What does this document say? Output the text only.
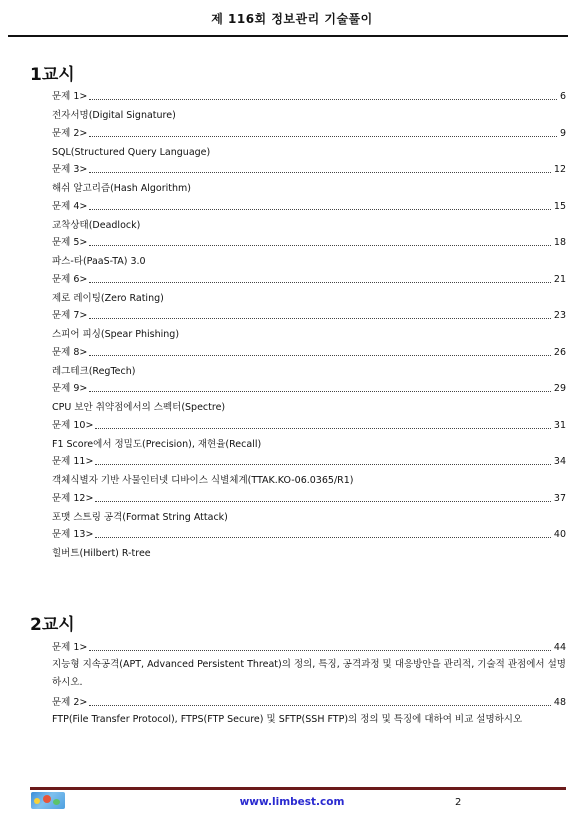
제 116회 정보관리 기술풀이
1교시
문제 1>	6
전자서명(Digital Signature)
문제 2>	9
SQL(Structured Query Language)
문제 3>	12
해쉬 알고리즘(Hash Algorithm)
문제 4>	15
교착상태(Deadlock)
문제 5>	18
파스-타(PaaS-TA) 3.0
문제 6>	21
제로 레이팅(Zero Rating)
문제 7>	23
스피어 피싱(Spear Phishing)
문제 8>	26
레그테크(RegTech)
문제 9>	29
CPU 보안 취약점에서의 스펙터(Spectre)
문제 10>	31
F1 Score에서 정밀도(Precision), 재현율(Recall)
문제 11>	34
객체식별자 기반 사물인터넷 디바이스 식별체계(TTAK.KO-06.0365/R1)
문제 12>	37
포맷 스트링 공격(Format String Attack)
문제 13>	40
힐버트(Hilbert) R-tree
2교시
문제 1>	44
지능형 지속공격(APT, Advanced Persistent Threat)의 정의, 특징, 공격과정 및 대응방안을 관리적, 기술적 관점에서 설명하시오.
문제 2>	48
FTP(File Transfer Protocol), FTPS(FTP Secure) 및 SFTP(SSH FTP)의 정의 및 특징에 대하여 비교 설명하시오
www.limbest.com	2
